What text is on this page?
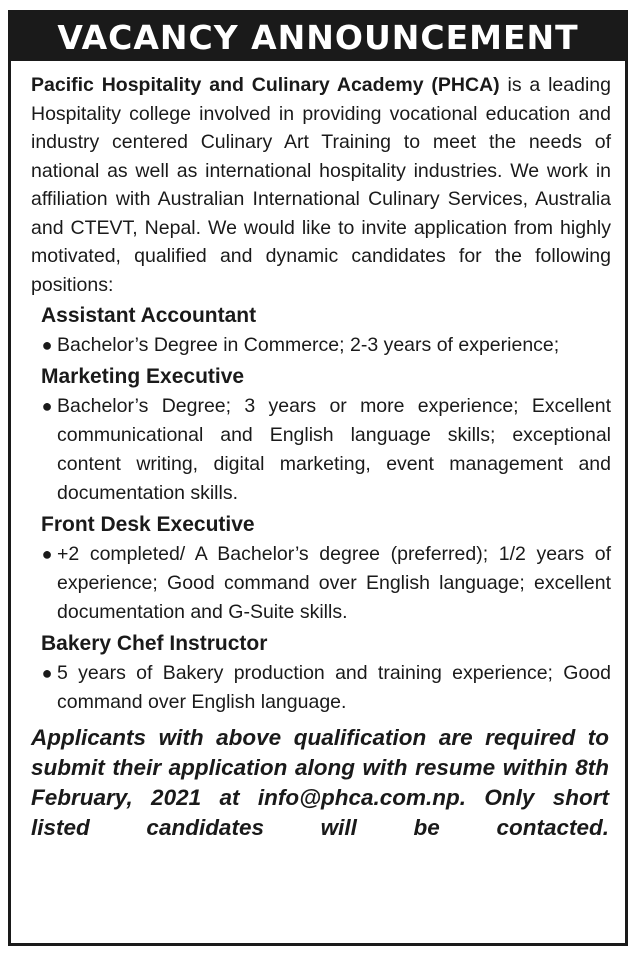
VACANCY ANNOUNCEMENT

Pacific Hospitality and Culinary Academy (PHCA) is a leading Hospitality college involved in providing vocational education and industry centered Culinary Art Training to meet the needs of national as well as international hospitality industries. We work in affiliation with Australian International Culinary Services, Australia and CTEVT, Nepal. We would like to invite application from highly motivated, qualified and dynamic candidates for the following positions:

Assistant Accountant
● Bachelor’s Degree in Commerce; 2-3 years of experience;
Marketing Executive
● Bachelor’s Degree; 3 years or more experience; Excellent communicational and English language skills; exceptional content writing, digital marketing, event management and documentation skills.
Front Desk Executive
● +2 completed/ A Bachelor’s degree (preferred); 1/2 years of experience; Good command over English language; excellent documentation and G-Suite skills.
Bakery Chef Instructor
● 5 years of Bakery production and training experience; Good command over English language.
Applicants with above qualification are required to submit their application along with resume within 8th February, 2021 at info@phca.com.np. Only short listed candidates will be contacted.
